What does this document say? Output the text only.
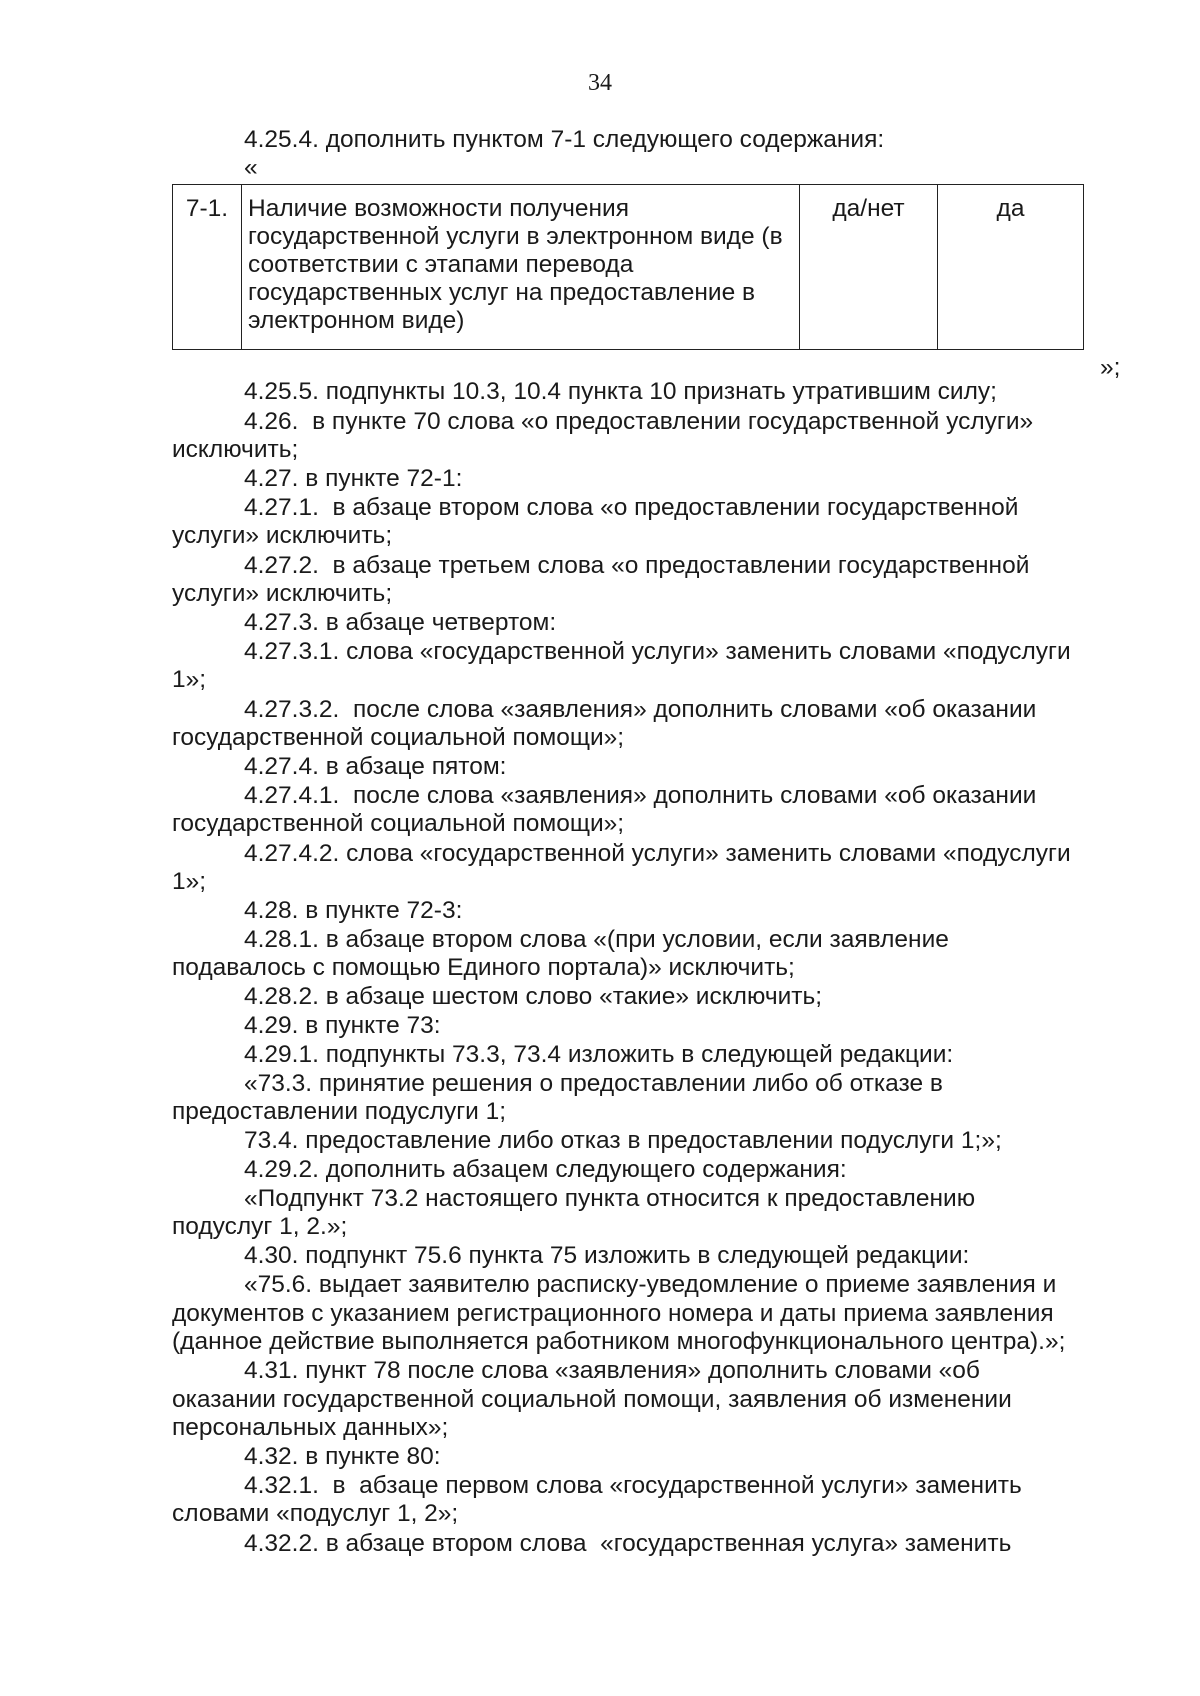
34
4.25.4. дополнить пунктом 7-1 следующего содержания:
«
7-1.	Наличие возможности получения государственной услуги в электронном виде (в соответствии с этапами перевода государственных услуг на предоставление в электронном виде)	да/нет	да
»;
4.25.5. подпункты 10.3, 10.4 пункта 10 признать утратившим силу;
4.26.  в пункте 70 слова «о предоставлении государственной услуги»
исключить;
4.27. в пункте 72-1:
4.27.1.  в абзаце втором слова «о предоставлении государственной
услуги» исключить;
4.27.2.  в абзаце третьем слова «о предоставлении государственной
услуги» исключить;
4.27.3. в абзаце четвертом:
4.27.3.1. слова «государственной услуги» заменить словами «подуслуги
1»;
4.27.3.2.  после слова «заявления» дополнить словами «об оказании
государственной социальной помощи»;
4.27.4. в абзаце пятом:
4.27.4.1.  после слова «заявления» дополнить словами «об оказании
государственной социальной помощи»;
4.27.4.2. слова «государственной услуги» заменить словами «подуслуги
1»;
4.28. в пункте 72-3:
4.28.1. в абзаце втором слова «(при условии, если заявление
подавалось с помощью Единого портала)» исключить;
4.28.2. в абзаце шестом слово «такие» исключить;
4.29. в пункте 73:
4.29.1. подпункты 73.3, 73.4 изложить в следующей редакции:
«73.3. принятие решения о предоставлении либо об отказе в
предоставлении подуслуги 1;
73.4. предоставление либо отказ в предоставлении подуслуги 1;»;
4.29.2. дополнить абзацем следующего содержания:
«Подпункт 73.2 настоящего пункта относится к предоставлению
подуслуг 1, 2.»;
4.30. подпункт 75.6 пункта 75 изложить в следующей редакции:
«75.6. выдает заявителю расписку-уведомление о приеме заявления и
документов с указанием регистрационного номера и даты приема заявления
(данное действие выполняется работником многофункционального центра).»;
4.31. пункт 78 после слова «заявления» дополнить словами «об
оказании государственной социальной помощи, заявления об изменении
персональных данных»;
4.32. в пункте 80:
4.32.1.  в  абзаце первом слова «государственной услуги» заменить
словами «подуслуг 1, 2»;
4.32.2. в абзаце втором слова  «государственная услуга» заменить
